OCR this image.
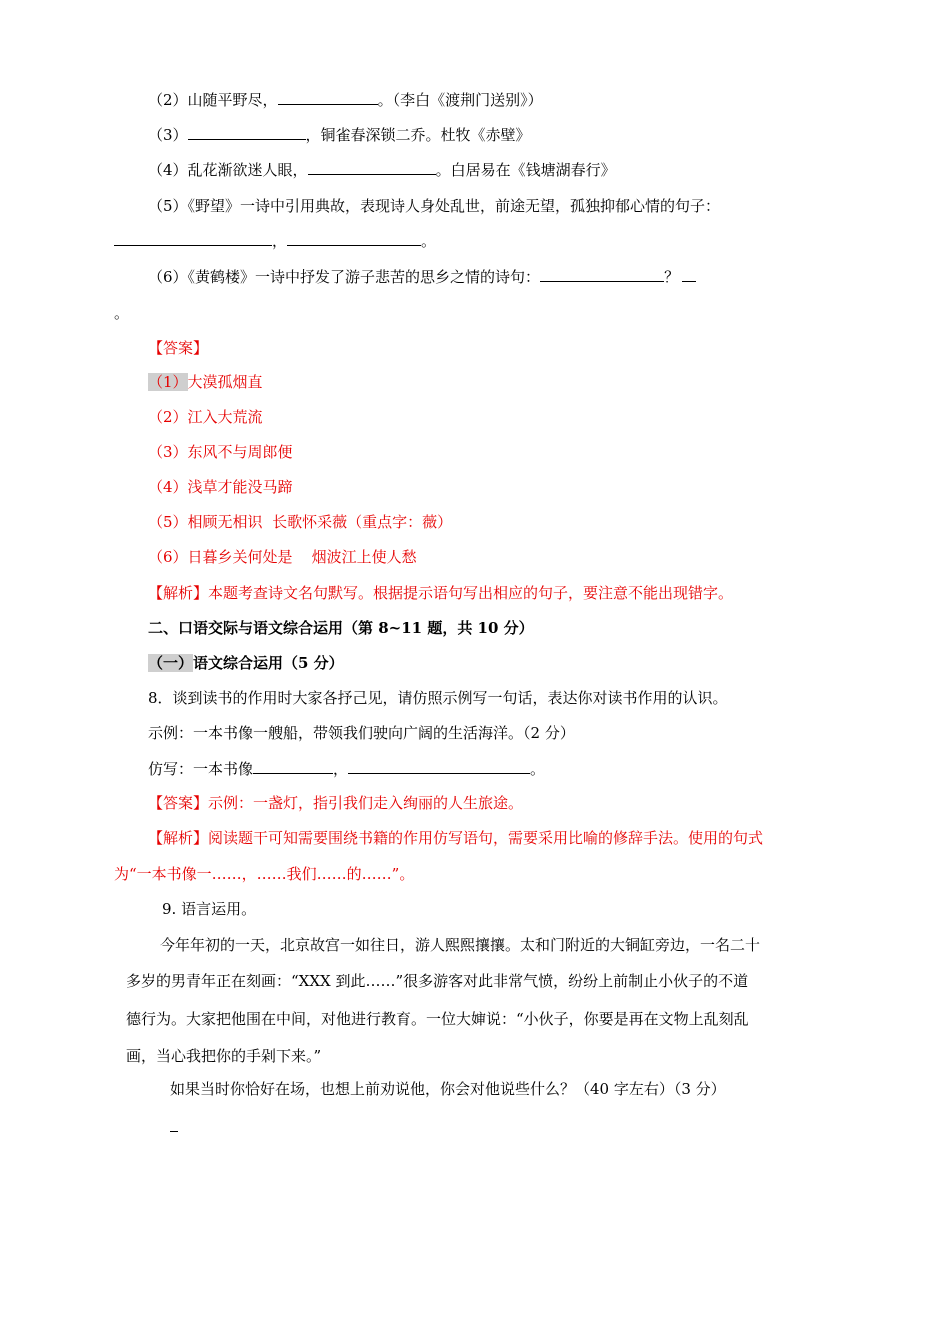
（2）山随平野尽，	。（李白《渡荆门送别》）
（3）	，铜雀春深锁二乔。杜牧《赤壁》
（4）乱花渐欲迷人眼，	。白居易在《钱塘湖春行》
（5）《野望》一诗中引用典故，表现诗人身处乱世，前途无望，孤独抑郁心情的句子：
，	。
（6）《黄鹤楼》一诗中抒发了游子悲苦的思乡之情的诗句：	？
。
【答案】
（1）大漠孤烟直
（2）江入大荒流
（3）东风不与周郎便
（4）浅草才能没马蹄
（5）相顾无相识  长歌怀采薇（重点字：薇）
（6）日暮乡关何处是    烟波江上使人愁
【解析】本题考查诗文名句默写。根据提示语句写出相应的句子，要注意不能出现错字。
二、口语交际与语文综合运用（第 8~11 题，共 10 分）
（一）语文综合运用（5 分）
8．谈到读书的作用时大家各抒己见，请仿照示例写一句话，表达你对读书作用的认识。
示例：一本书像一艘船，带领我们驶向广阔的生活海洋。（2 分）
仿写：一本书像	，	。
【答案】示例：一盏灯，指引我们走入绚丽的人生旅途。
【解析】阅读题干可知需要围绕书籍的作用仿写语句，需要采用比喻的修辞手法。使用的句式
为“一本书像一……，……我们……的……”。
9. 语言运用。
今年年初的一天，北京故宫一如往日，游人熙熙攘攘。太和门附近的大铜缸旁边，一名二十
多岁的男青年正在刻画：“XXX 到此……”很多游客对此非常气愤，纷纷上前制止小伙子的不道
德行为。大家把他围在中间，对他进行教育。一位大婶说：“小伙子，你要是再在文物上乱刻乱
画，当心我把你的手剁下来。”
如果当时你恰好在场，也想上前劝说他，你会对他说些什么？（40 字左右）（3 分）
